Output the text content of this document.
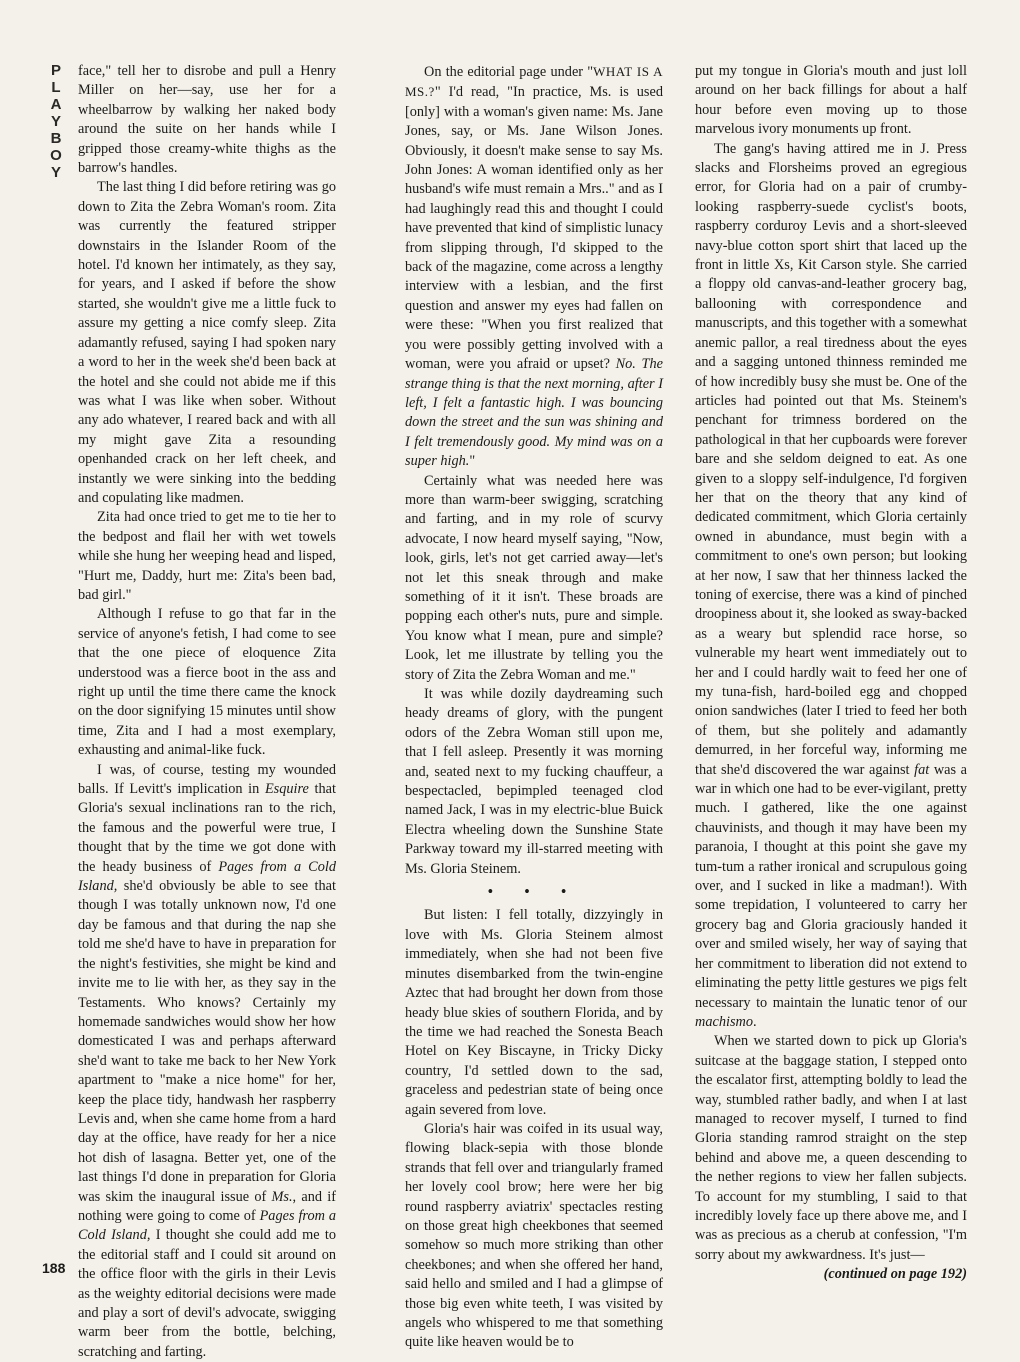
P
L
A
Y
B
O
Y

face," tell her to disrobe and pull a Henry Miller on her—say, use her for a wheelbarrow by walking her naked body around the suite on her hands while I gripped those creamy-white thighs as the barrow's handles.

The last thing I did before retiring was go down to Zita the Zebra Woman's room. Zita was currently the featured stripper downstairs in the Islander Room of the hotel. I'd known her intimately, as they say, for years, and I asked if before the show started, she wouldn't give me a little fuck to assure my getting a nice comfy sleep. Zita adamantly refused, saying I had spoken nary a word to her in the week she'd been back at the hotel and she could not abide me if this was what I was like when sober. Without any ado whatever, I reared back and with all my might gave Zita a resounding openhanded crack on her left cheek, and instantly we were sinking into the bedding and copulating like madmen.

Zita had once tried to get me to tie her to the bedpost and flail her with wet towels while she hung her weeping head and lisped, "Hurt me, Daddy, hurt me: Zita's been bad, bad girl."

Although I refuse to go that far in the service of anyone's fetish, I had come to see that the one piece of eloquence Zita understood was a fierce boot in the ass and right up until the time there came the knock on the door signifying 15 minutes until show time, Zita and I had a most exemplary, exhausting and animal-like fuck.

I was, of course, testing my wounded balls. If Levitt's implication in Esquire that Gloria's sexual inclinations ran to the rich, the famous and the powerful were true, I thought that by the time we got done with the heady business of Pages from a Cold Island, she'd obviously be able to see that though I was totally unknown now, I'd one day be famous and that during the nap she told me she'd have to have in preparation for the night's festivities, she might be kind and invite me to lie with her, as they say in the Testaments. Who knows? Certainly my homemade sandwiches would show her how domesticated I was and perhaps afterward she'd want to take me back to her New York apartment to "make a nice home" for her, keep the place tidy, handwash her raspberry Levis and, when she came home from a hard day at the office, have ready for her a nice hot dish of lasagna. Better yet, one of the last things I'd done in preparation for Gloria was skim the inaugural issue of Ms., and if nothing were going to come of Pages from a Cold Island, I thought she could add me to the editorial staff and I could sit around on the office floor with the girls in their Levis as the weighty editorial decisions were made and play a sort of devil's advocate, swigging warm beer from the bottle, belching, scratching and farting.

On the editorial page under "WHAT IS A MS.?" I'd read, "In practice, Ms. is used [only] with a woman's given name: Ms. Jane Jones, say, or Ms. Jane Wilson Jones. Obviously, it doesn't make sense to say Ms. John Jones: A woman identified only as her husband's wife must remain a Mrs.." and as I had laughingly read this and thought I could have prevented that kind of simplistic lunacy from slipping through, I'd skipped to the back of the magazine, come across a lengthy interview with a lesbian, and the first question and answer my eyes had fallen on were these: "When you first realized that you were possibly getting involved with a woman, were you afraid or upset? No. The strange thing is that the next morning, after I left, I felt a fantastic high. I was bouncing down the street and the sun was shining and I felt tremendously good. My mind was on a super high."

Certainly what was needed here was more than warm-beer swigging, scratching and farting, and in my role of scurvy advocate, I now heard myself saying, "Now, look, girls, let's not get carried away—let's not let this sneak through and make something of it it isn't. These broads are popping each other's nuts, pure and simple. You know what I mean, pure and simple? Look, let me illustrate by telling you the story of Zita the Zebra Woman and me."

It was while dozily daydreaming such heady dreams of glory, with the pungent odors of the Zebra Woman still upon me, that I fell asleep. Presently it was morning and, seated next to my fucking chauffeur, a bespectacled, bepimpled teenaged clod named Jack, I was in my electric-blue Buick Electra wheeling down the Sunshine State Parkway toward my ill-starred meeting with Ms. Gloria Steinem.

• • •

But listen: I fell totally, dizzyingly in love with Ms. Gloria Steinem almost immediately, when she had not been five minutes disembarked from the twin-engine Aztec that had brought her down from those heady blue skies of southern Florida, and by the time we had reached the Sonesta Beach Hotel on Key Biscayne, in Tricky Dicky country, I'd settled down to the sad, graceless and pedestrian state of being once again severed from love.

Gloria's hair was coifed in its usual way, flowing black-sepia with those blonde strands that fell over and triangularly framed her lovely cool brow; here were her big round raspberry aviatrix' spectacles resting on those great high cheekbones that seemed somehow so much more striking than other cheekbones; and when she offered her hand, said hello and smiled and I had a glimpse of those big even white teeth, I was visited by angels who whispered to me that something quite like heaven would be to

put my tongue in Gloria's mouth and just loll around on her back fillings for about a half hour before even moving up to those marvelous ivory monuments up front.

The gang's having attired me in J. Press slacks and Florsheims proved an egregious error, for Gloria had on a pair of crumby-looking raspberry-suede cyclist's boots, raspberry corduroy Levis and a short-sleeved navy-blue cotton sport shirt that laced up the front in little Xs, Kit Carson style. She carried a floppy old canvas-and-leather grocery bag, ballooning with correspondence and manuscripts, and this together with a somewhat anemic pallor, a real tiredness about the eyes and a sagging untoned thinness reminded me of how incredibly busy she must be. One of the articles had pointed out that Ms. Steinem's penchant for trimness bordered on the pathological in that her cupboards were forever bare and she seldom deigned to eat. As one given to a sloppy self-indulgence, I'd forgiven her that on the theory that any kind of dedicated commitment, which Gloria certainly owned in abundance, must begin with a commitment to one's own person; but looking at her now, I saw that her thinness lacked the toning of exercise, there was a kind of pinched droopiness about it, she looked as sway-backed as a weary but splendid race horse, so vulnerable my heart went immediately out to her and I could hardly wait to feed her one of my tuna-fish, hard-boiled egg and chopped onion sandwiches (later I tried to feed her both of them, but she politely and adamantly demurred, in her forceful way, informing me that she'd discovered the war against fat was a war in which one had to be ever-vigilant, pretty much. I gathered, like the one against chauvinists, and though it may have been my paranoia, I thought at this point she gave my tum-tum a rather ironical and scrupulous going over, and I sucked in like a madman!). With some trepidation, I volunteered to carry her grocery bag and Gloria graciously handed it over and smiled wisely, her way of saying that her commitment to liberation did not extend to eliminating the petty little gestures we pigs felt necessary to maintain the lunatic tenor of our machismo.

When we started down to pick up Gloria's suitcase at the baggage station, I stepped onto the escalator first, attempting boldly to lead the way, stumbled rather badly, and when I at last managed to recover myself, I turned to find Gloria standing ramrod straight on the step behind and above me, a queen descending to the nether regions to view her fallen subjects. To account for my stumbling, I said to that incredibly lovely face up there above me, and I was as precious as a cherub at confession, "I'm sorry about my awkwardness. It's just—

(continued on page 192)

188
